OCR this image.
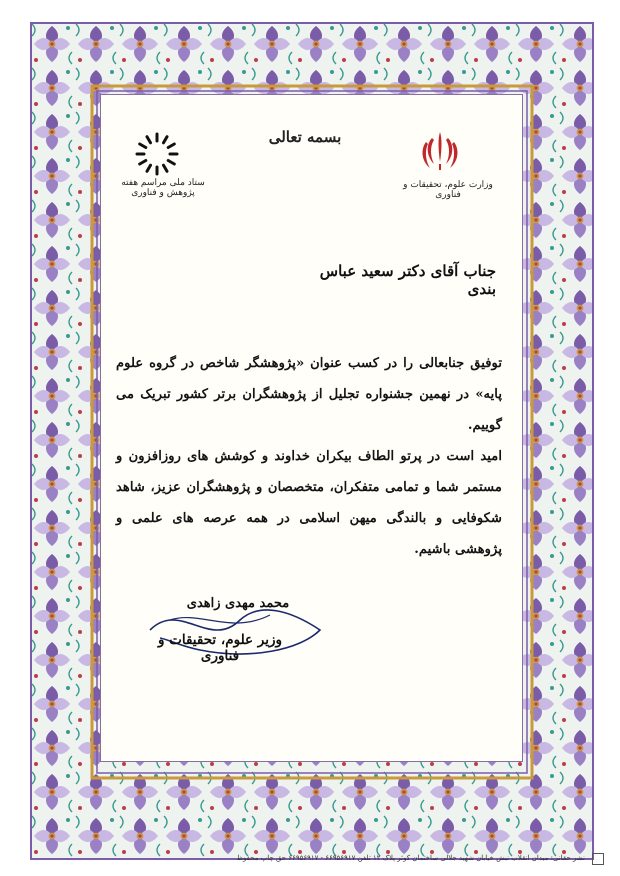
بسمه تعالی
وزارت علوم، تحقیقات و فناوری
ستاد ملی مراسم هفته پژوهش و فناوری
جناب آقای دکتر سعید عباس بندی

توفیق جنابعالی را در کسب عنوان «پژوهشگر شاخص در گروه علوم پایه» در نهمین جشنواره تجلیل از پژوهشگران برتر کشور تبریک می گوییم.

امید است در پرتو الطاف بیکران خداوند و کوشش های روزافزون و مستمر شما و تمامی متفکران، متخصصان و پژوهشگران عزیز، شاهد شکوفایی و بالندگی میهن اسلامی در همه عرصه های علمی و پژوهشی باشیم.

محمد مهدی زاهدی
وزیر علوم، تحقیقات و فناوری
نشر حقانی: میدان انقلاب نبش خیابان شهید جلالی ساختمان کوثر پلاک ۱۲ تلفن ۶۶۹۵۶۹۱۷ - ۶۶۹۵۶۹۱۷ حق چاپ محفوظ
